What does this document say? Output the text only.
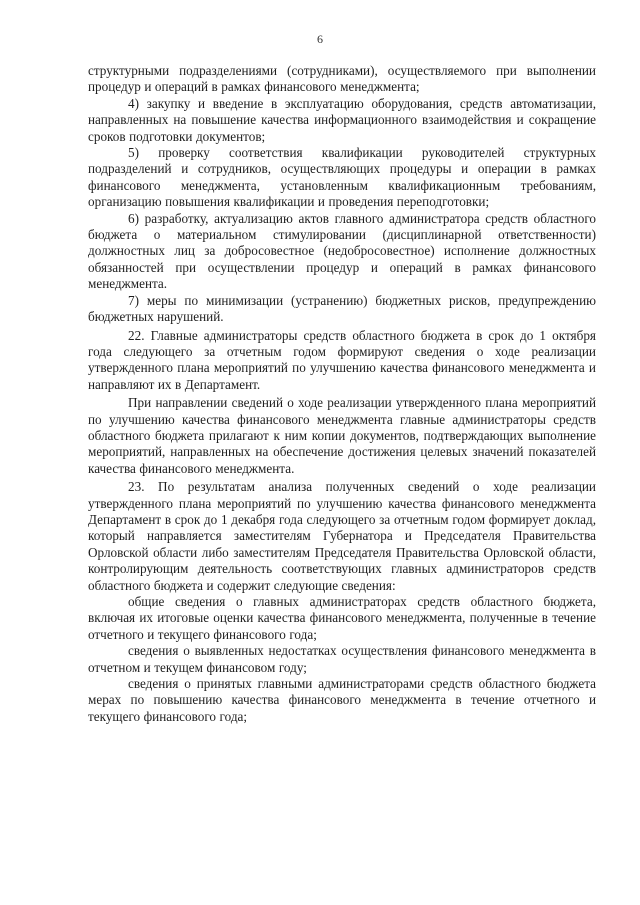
6

структурными подразделениями (сотрудниками), осуществляемого при выполнении процедур и операций в рамках финансового менеджмента;

4) закупку и введение в эксплуатацию оборудования, средств автоматизации, направленных на повышение качества информационного взаимодействия и сокращение сроков подготовки документов;

5) проверку соответствия квалификации руководителей структурных подразделений и сотрудников, осуществляющих процедуры и операции в рамках финансового менеджмента, установленным квалификационным требованиям, организацию повышения квалификации и проведения переподготовки;

6) разработку, актуализацию актов главного администратора средств областного бюджета о материальном стимулировании (дисциплинарной ответственности) должностных лиц за добросовестное (недобросовестное) исполнение должностных обязанностей при осуществлении процедур и операций в рамках финансового менеджмента.

7) меры по минимизации (устранению) бюджетных рисков, предупреждению бюджетных нарушений.

22. Главные администраторы средств областного бюджета в срок до 1 октября года следующего за отчетным годом формируют сведения о ходе реализации утвержденного плана мероприятий по улучшению качества финансового менеджмента и направляют их в Департамент.

При направлении сведений о ходе реализации утвержденного плана мероприятий по улучшению качества финансового менеджмента главные администраторы средств областного бюджета прилагают к ним копии документов, подтверждающих выполнение мероприятий, направленных на обеспечение достижения целевых значений показателей качества финансового менеджмента.

23. По результатам анализа полученных сведений о ходе реализации утвержденного плана мероприятий по улучшению качества финансового менеджмента Департамент в срок до 1 декабря года следующего за отчетным годом формирует доклад, который направляется заместителям Губернатора и Председателя Правительства Орловской области либо заместителям Председателя Правительства Орловской области, контролирующим деятельность соответствующих главных администраторов средств областного бюджета и содержит следующие сведения:

общие сведения о главных администраторах средств областного бюджета, включая их итоговые оценки качества финансового менеджмента, полученные в течение отчетного и текущего финансового года;

сведения о выявленных недостатках осуществления финансового менеджмента в отчетном и текущем финансовом году;

сведения о принятых главными администраторами средств областного бюджета мерах по повышению качества финансового менеджмента в течение отчетного и текущего финансового года;
